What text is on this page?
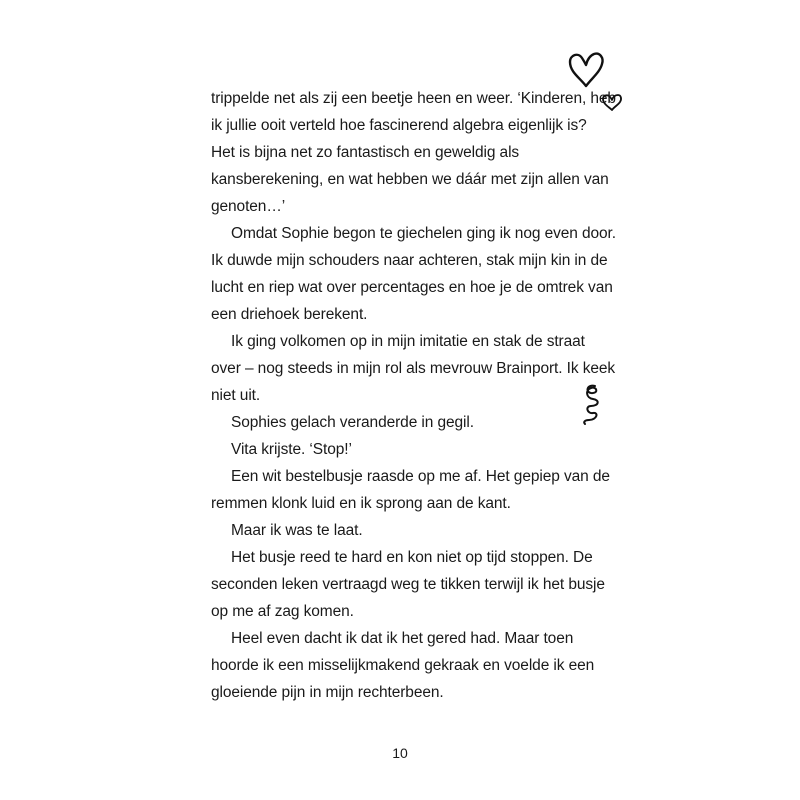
trippelde net als zij een beetje heen en weer. ‘Kinderen, heb
ik jullie ooit verteld hoe fascinerend algebra eigenlijk is?
Het is bijna net zo fantastisch en geweldig als
kansberekening, en wat hebben we dáár met zijn allen van
genoten…’
Omdat Sophie begon te giechelen ging ik nog even door.
Ik duwde mijn schouders naar achteren, stak mijn kin in de
lucht en riep wat over percentages en hoe je de omtrek van
een driehoek berekent.
Ik ging volkomen op in mijn imitatie en stak de straat
over – nog steeds in mijn rol als mevrouw Brainport. Ik keek
niet uit.
Sophies gelach veranderde in gegil.
Vita krijste. ‘Stop!’
Een wit bestelbusje raasde op me af. Het gepiep van de
remmen klonk luid en ik sprong aan de kant.
Maar ik was te laat.
Het busje reed te hard en kon niet op tijd stoppen. De
seconden leken vertraagd weg te tikken terwijl ik het busje
op me af zag komen.
Heel even dacht ik dat ik het gered had. Maar toen
hoorde ik een misselijkmakend gekraak en voelde ik een
gloeiende pijn in mijn rechterbeen.
10
